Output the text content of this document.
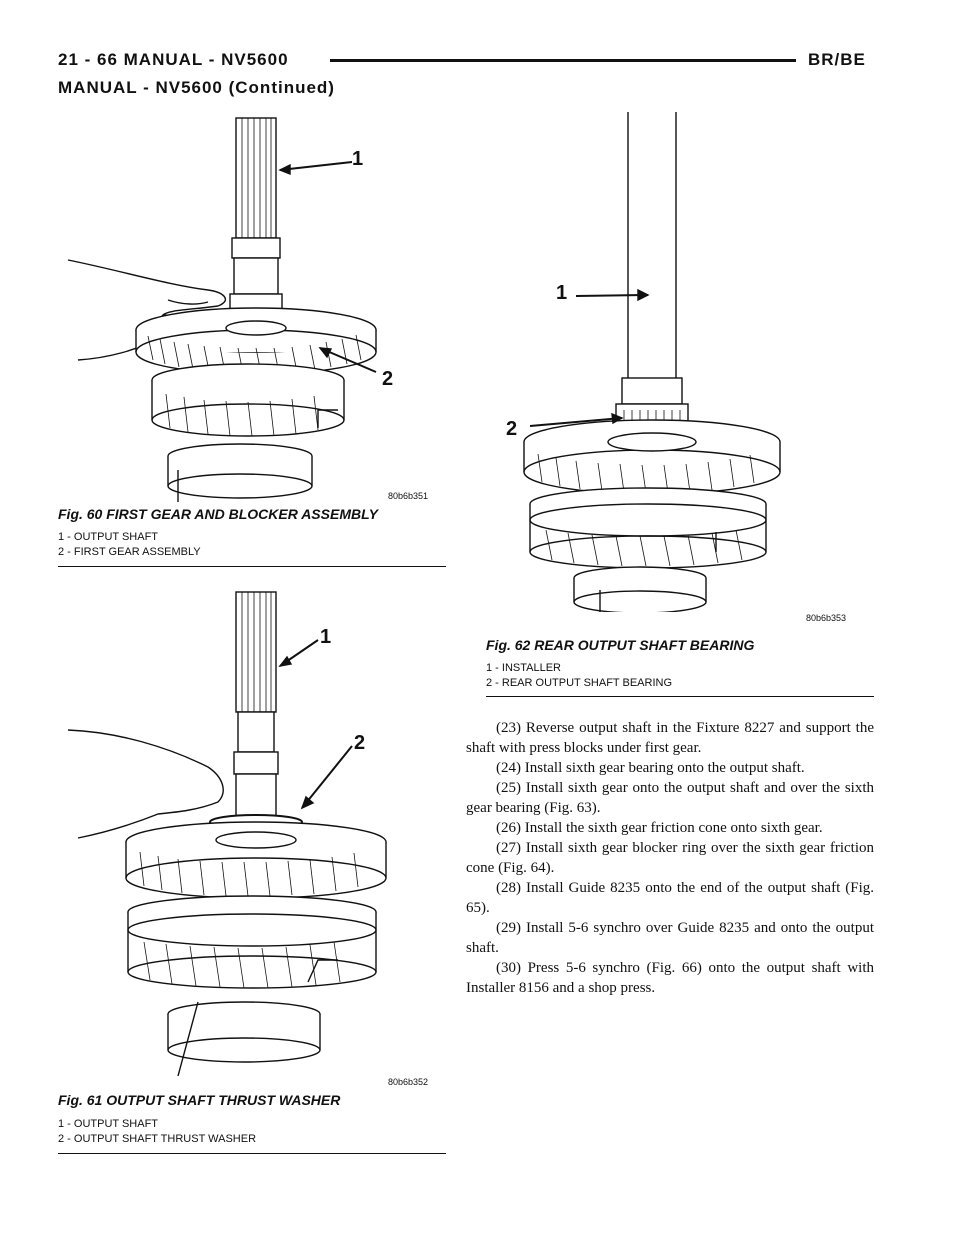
21 - 66 MANUAL - NV5600	BR/BE
MANUAL - NV5600 (Continued)
1
2
80b6b351
Fig. 60 FIRST GEAR AND BLOCKER ASSEMBLY
1 - OUTPUT SHAFT
2 - FIRST GEAR ASSEMBLY
1
2
80b6b352
Fig. 61 OUTPUT SHAFT THRUST WASHER
1 - OUTPUT SHAFT
2 - OUTPUT SHAFT THRUST WASHER
1
2
80b6b353
Fig. 62 REAR OUTPUT SHAFT BEARING
1 - INSTALLER
2 - REAR OUTPUT SHAFT BEARING

(23) Reverse output shaft in the Fixture 8227 and support the shaft with press blocks under first gear.

(24) Install sixth gear bearing onto the output shaft.

(25) Install sixth gear onto the output shaft and over the sixth gear bearing (Fig. 63).

(26) Install the sixth gear friction cone onto sixth gear.

(27) Install sixth gear blocker ring over the sixth gear friction cone (Fig. 64).

(28) Install Guide 8235 onto the end of the output shaft (Fig. 65).

(29) Install 5-6 synchro over Guide 8235 and onto the output shaft.

(30) Press 5-6 synchro (Fig. 66) onto the output shaft with Installer 8156 and a shop press.
